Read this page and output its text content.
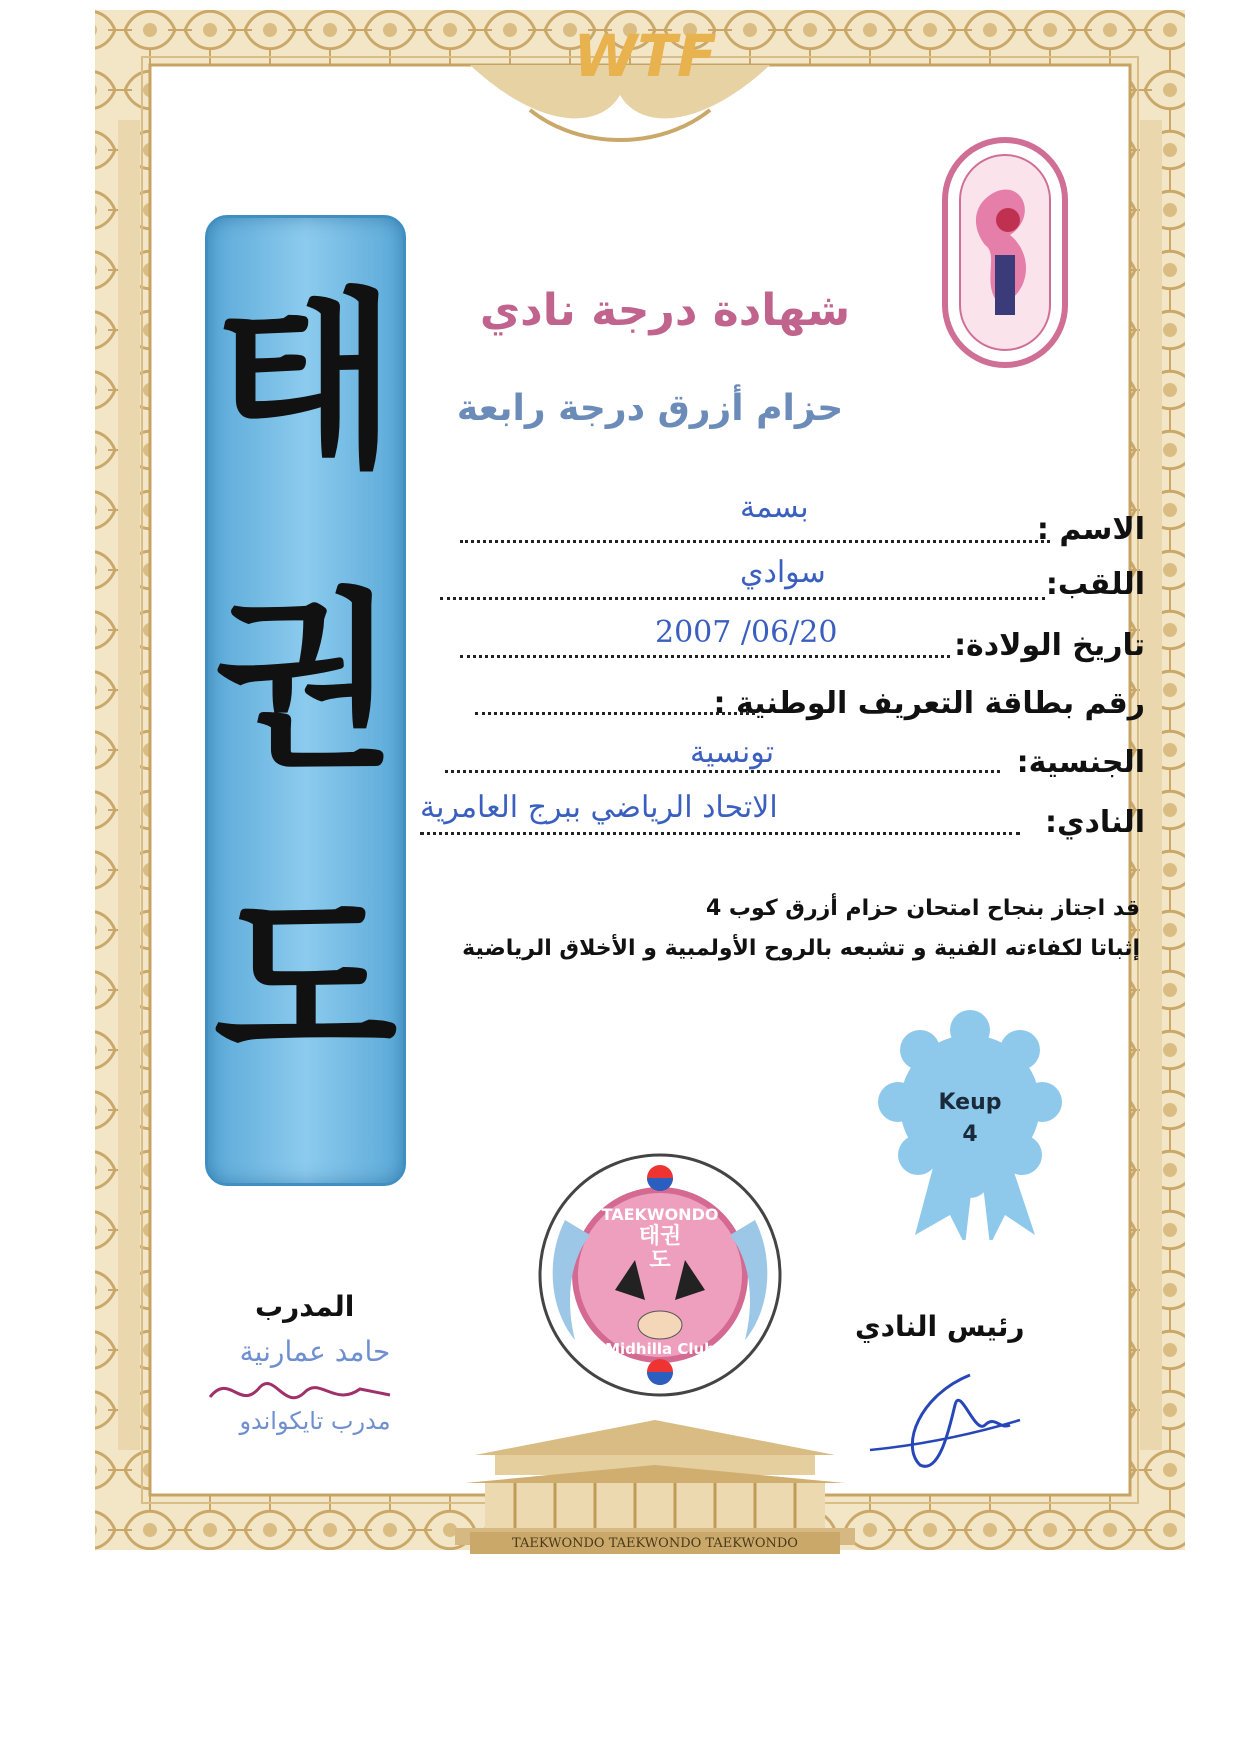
WTF
태
권
도
شهادة درجة نادي
حزام أزرق درجة رابعة
الاسم :
بسمة
اللقب:
سوادي
تاريخ الولادة:
2007 /06/20
رقم بطاقة التعريف الوطنية :
الجنسية:
تونسية
النادي:
الاتحاد الرياضي ببرج العامرية
قد اجتاز بنجاح امتحان حزام أزرق كوب 4
إثباتا لكفاءته الفنية و تشبعه بالروح الأولمبية و الأخلاق الرياضية
Keup
4
TAEKWONDO
태권도
Midhilla Club
المدرب
حامد عمارنية
مدرب تايكواندو
رئيس النادي
TAEKWONDO TAEKWONDO TAEKWONDO
